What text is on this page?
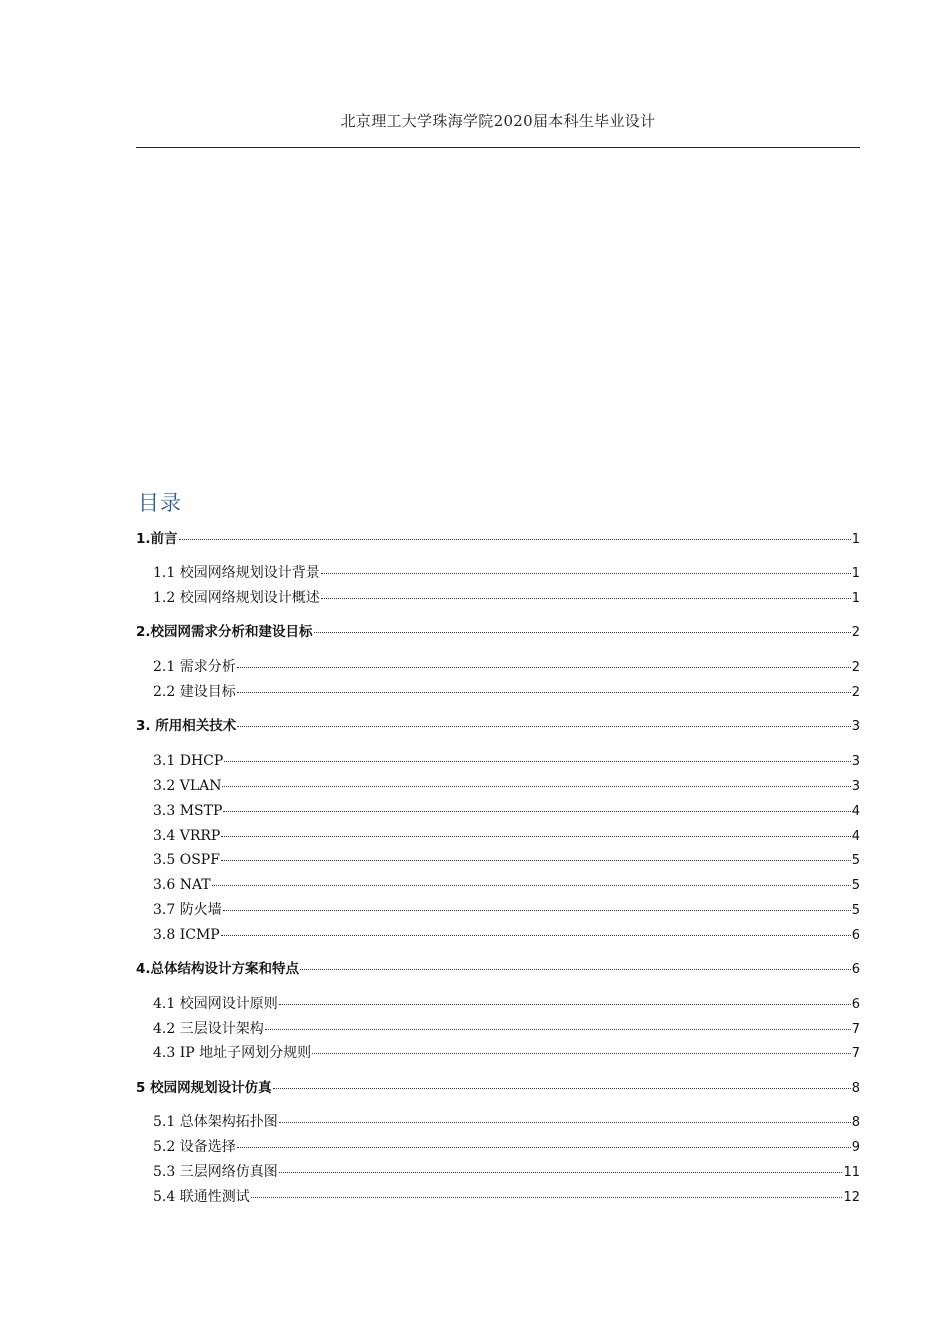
北京理工大学珠海学院2020届本科生毕业设计
目录
1.前言	1
1.1 校园网络规划设计背景	1
1.2 校园网络规划设计概述	1
2.校园网需求分析和建设目标	2
2.1 需求分析	2
2.2 建设目标	2
3. 所用相关技术	3
3.1 DHCP	3
3.2 VLAN	3
3.3 MSTP	4
3.4 VRRP	4
3.5 OSPF	5
3.6 NAT	5
3.7 防火墙	5
3.8 ICMP	6
4.总体结构设计方案和特点	6
4.1 校园网设计原则	6
4.2 三层设计架构	7
4.3 IP 地址子网划分规则	7
5 校园网规划设计仿真	8
5.1 总体架构拓扑图	8
5.2 设备选择	9
5.3 三层网络仿真图	11
5.4 联通性测试	12
